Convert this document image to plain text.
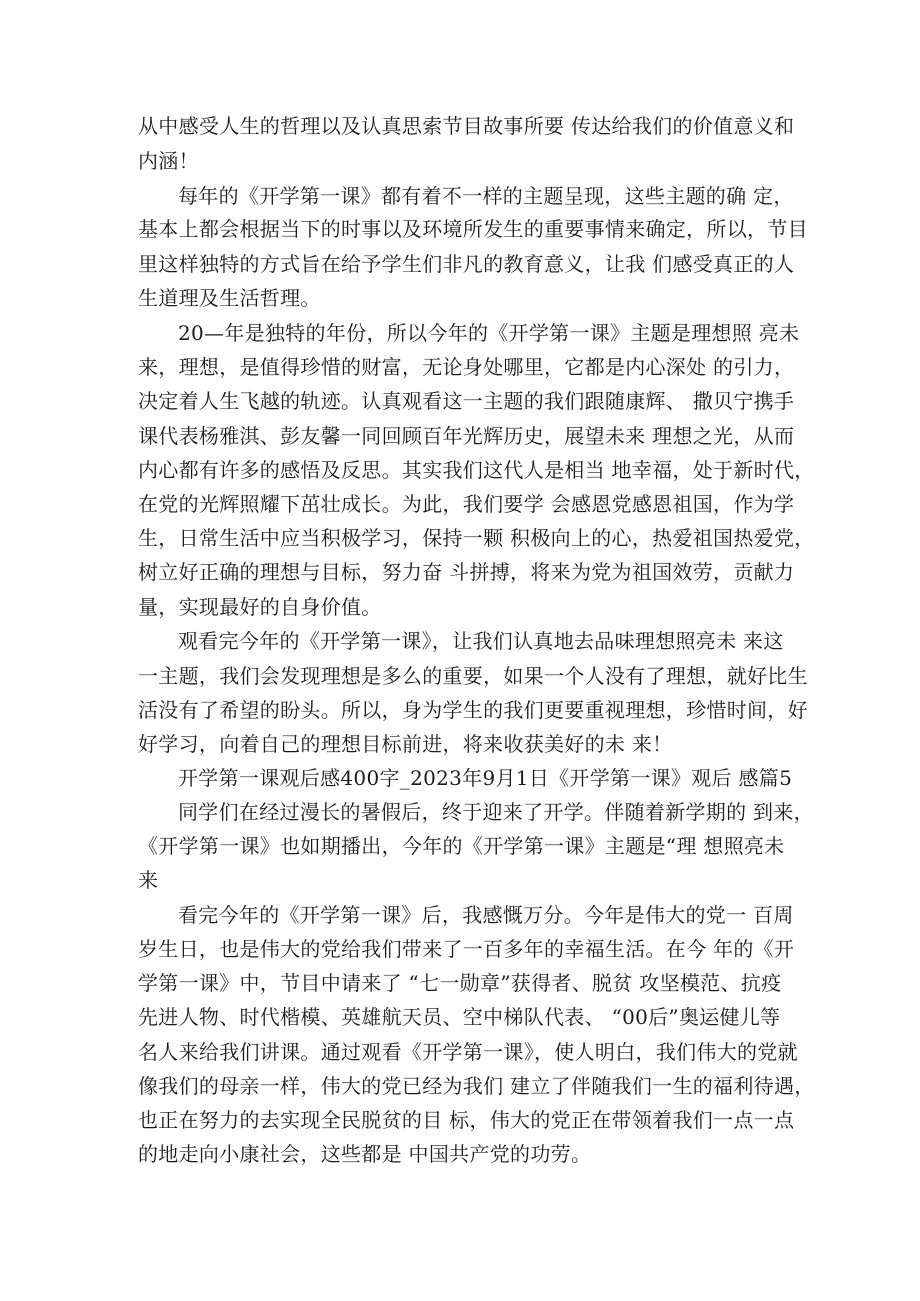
从中感受人生的哲理以及认真思索节目故事所要 传达给我们的价值意义和
内涵！
每年的《开学第一课》都有着不一样的主题呈现，这些主题的确 定，
基本上都会根据当下的时事以及环境所发生的重要事情来确定，所以，节目
里这样独特的方式旨在给予学生们非凡的教育意义，让我 们感受真正的人
生道理及生活哲理。
20—年是独特的年份，所以今年的《开学第一课》主题是理想照 亮未
来，理想，是值得珍惜的财富，无论身处哪里，它都是内心深处 的引力，
决定着人生飞越的轨迹。认真观看这一主题的我们跟随康辉、 撒贝宁携手
课代表杨雅淇、彭友馨一同回顾百年光辉历史，展望未来 理想之光，从而
内心都有许多的感悟及反思。其实我们这代人是相当 地幸福，处于新时代，
在党的光辉照耀下茁壮成长。为此，我们要学 会感恩党感恩祖国，作为学
生，日常生活中应当积极学习，保持一颗 积极向上的心，热爱祖国热爱党，
树立好正确的理想与目标，努力奋 斗拼搏，将来为党为祖国效劳，贡献力
量，实现最好的自身价值。
观看完今年的《开学第一课》，让我们认真地去品味理想照亮未 来这
一主题，我们会发现理想是多么的重要，如果一个人没有了理想，就好比生
活没有了希望的盼头。所以，身为学生的我们更要重视理想，珍惜时间，好
好学习，向着自己的理想目标前进，将来收获美好的未 来！
开学第一课观后感400字_2023年9月1日《开学第一课》观后 感篇5
同学们在经过漫长的暑假后，终于迎来了开学。伴随着新学期的 到来，
《开学第一课》也如期播出，今年的《开学第一课》主题是“理 想照亮未
来
看完今年的《开学第一课》后，我感慨万分。今年是伟大的党一 百周
岁生日，也是伟大的党给我们带来了一百多年的幸福生活。在今 年的《开
学第一课》中，节目中请来了 “七一勋章”获得者、脱贫 攻坚模范、抗疫
先进人物、时代楷模、英雄航天员、空中梯队代表、 “00后”奥运健儿等
名人来给我们讲课。通过观看《开学第一课》，使人明白，我们伟大的党就
像我们的母亲一样，伟大的党已经为我们 建立了伴随我们一生的福利待遇，
也正在努力的去实现全民脱贫的目 标，伟大的党正在带领着我们一点一点
的地走向小康社会，这些都是 中国共产党的功劳。
